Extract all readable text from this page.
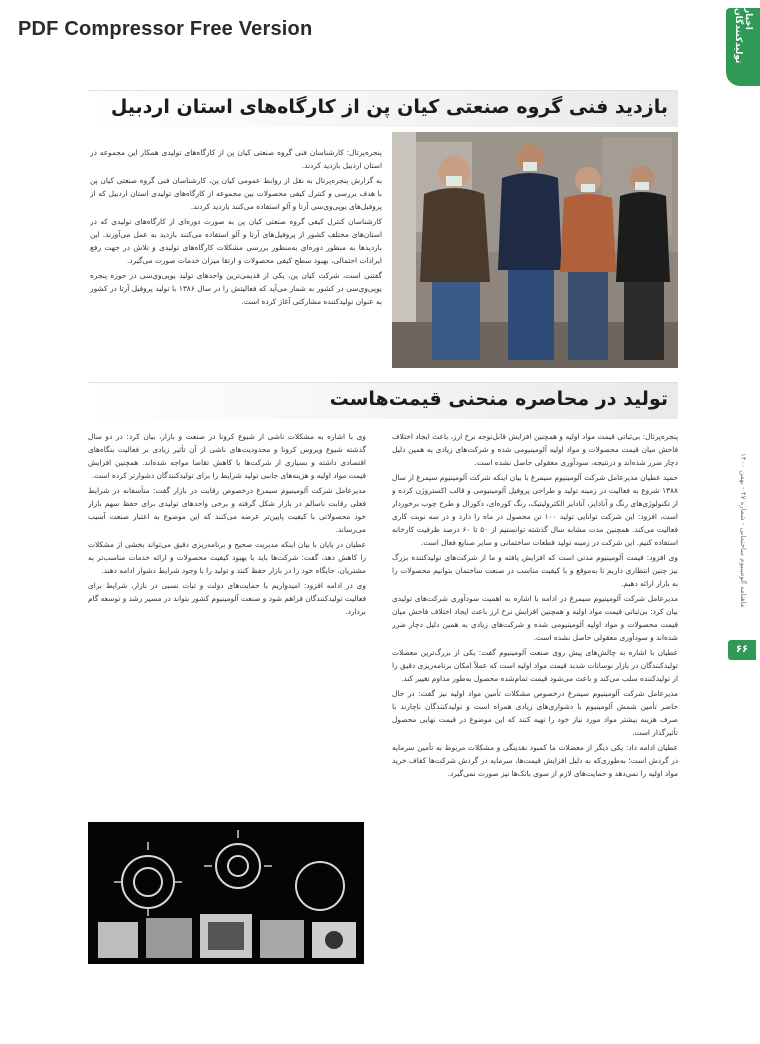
PDF Compressor Free Version	اخبار تولیدکنندگان
ماهنامه آلومینیوم ساختمانی - شماره ۴۷ - بهمن ۱۴۰۰
۶۶
بازدید فنی گروه صنعتی کیان پن از کارگاه‌های استان اردبیل

پنجره‌پرتال: کارشناسان فنی گروه صنعتی کیان پن از کارگاه‌های تولیدی همکار این مجموعه در استان اردبیل بازدید کردند.

به گزارش پنجره‌پرتال به نقل از روابط عمومی کیان پن، کارشناسان فنی گروه صنعتی کیان پن با هدف بررسی و کنترل کیفی محصولات بین مجموعه از کارگاه‌های تولیدی استان اردبیل که از پروفیل‌های یوپی‌وی‌سی آرتا و آلو استفاده می‌کنند بازدید کردند.

کارشناسان کنترل کیفی گروه صنعتی کیان پن به صورت دوره‌ای از کارگاه‌های تولیدی که در استان‌های مختلف کشور از پروفیل‌های آرتا و آلو استفاده می‌کنند بازدید به عمل می‌آورند. این بازدیدها به منظور دوره‌ای به‌منظور بررسی مشکلات کارگاه‌های تولیدی و تلاش در جهت رفع ایرادات احتمالی، بهبود سطح کیفی محصولات و ارتقا میزان خدمات صورت می‌گیرد.

گفتنی است، شرکت کیان پن، یکی از قدیمی‌ترین واحدهای تولید یوپی‌وی‌سی در حوزه پنجره یوپی‌وی‌سی در کشور به شمار می‌آید که فعالیتش را در سال ۱۳۸۶ با تولید پروفیل آرتا در کشور به عنوان تولیدکننده مشارکتی آغاز کرده است.

تولید در محاصره منحنی قیمت‌هاست

پنجره‌پرتال: بی‌ثباتی قیمت مواد اولیه و همچنین افزایش قابل‌توجه نرخ ارز، باعث ایجاد اختلاف فاحش میان قیمت محصولات و مواد اولیه آلومینیومی شده و شرکت‌های زیادی به همین دلیل دچار ضرر شده‌اند و درنتیجه، سودآوری معقولی حاصل نشده است.

حمید عطیان مدیرعامل شرکت آلومینیوم سیمرغ با بیان اینکه شرکت آلومینیوم سیمرغ از سال ۱۳۸۸ شروع به فعالیت در زمینه تولید و طراحی پروفیل آلومینیومی و قالب اکستروژن کرده و از تکنولوژی‌های رنگ و آنادایز، آنادایز الکترولیتیک، رنگ کوره‌ای، دکورال و طرح چوب برخوردار است، افزود: این شرکت توانایی تولید ۱۰۰ تن محصول در ماه را دارد و در سه نوبت کاری فعالیت می‌کند. همچنین مدت مشابه سال گذشته توانستیم از ۵۰ تا ۶۰ درصد ظرفیت کارخانه استفاده کنیم. این شرکت در زمینه تولید قطعات ساختمانی و سایر صنایع فعال است.

وی افزود: قیمت آلومینیوم مدتی است که افزایش یافته و ما از شرکت‌های تولیدکننده بزرگ نیز چنین انتظاری داریم تا به‌موقع و با کیفیت مناسب در صنعت ساختمان بتوانیم محصولات را به بازار ارائه دهیم.

مدیرعامل شرکت آلومینیوم سیمرغ در ادامه با اشاره به اهمیت سودآوری شرکت‌های تولیدی بیان کرد: بی‌ثباتی قیمت مواد اولیه و همچنین افزایش نرخ ارز باعث ایجاد اختلاف فاحش میان قیمت محصولات و مواد اولیه آلومینیومی شده و شرکت‌های زیادی به همین دلیل دچار ضرر شده‌اند و سودآوری معقولی حاصل نشده است.

عطیان با اشاره به چالش‌های پیش روی صنعت آلومینیوم گفت: یکی از بزرگ‌ترین معضلات تولیدکنندگان در بازار نوسانات شدید قیمت مواد اولیه است که عملاً امکان برنامه‌ریزی دقیق را از تولیدکننده سلب می‌کند و باعث می‌شود قیمت تمام‌شده محصول به‌طور مداوم تغییر کند.

مدیرعامل شرکت آلومینیوم سیمرغ درخصوص مشکلات تأمین مواد اولیه نیز گفت: در حال حاضر تأمین شمش آلومینیوم با دشواری‌های زیادی همراه است و تولیدکنندگان ناچارند با صرف هزینه بیشتر مواد مورد نیاز خود را تهیه کنند که این موضوع در قیمت نهایی محصول تأثیرگذار است.

عطیان ادامه داد: یکی دیگر از معضلات ما کمبود نقدینگی و مشکلات مربوط به تأمین سرمایه در گردش است؛ به‌طوری‌که به دلیل افزایش قیمت‌ها، سرمایه در گردش شرکت‌ها کفاف خرید مواد اولیه را نمی‌دهد و حمایت‌های لازم از سوی بانک‌ها نیز صورت نمی‌گیرد.

وی با اشاره به مشکلات ناشی از شیوع کرونا در صنعت و بازار، بیان کرد: در دو سال گذشته شیوع ویروس کرونا و محدودیت‌های ناشی از آن تأثیر زیادی بر فعالیت بنگاه‌های اقتصادی داشته و بسیاری از شرکت‌ها با کاهش تقاضا مواجه شده‌اند. همچنین افزایش قیمت مواد اولیه و هزینه‌های جانبی تولید شرایط را برای تولیدکنندگان دشوارتر کرده است.

مدیرعامل شرکت آلومینیوم سیمرغ درخصوص رقابت در بازار گفت: متأسفانه در شرایط فعلی رقابت ناسالم در بازار شکل گرفته و برخی واحدهای تولیدی برای حفظ سهم بازار خود محصولاتی با کیفیت پایین‌تر عرضه می‌کنند که این موضوع به اعتبار صنعت آسیب می‌رساند.

عطیان در پایان با بیان اینکه مدیریت صحیح و برنامه‌ریزی دقیق می‌تواند بخشی از مشکلات را کاهش دهد، گفت: شرکت‌ها باید با بهبود کیفیت محصولات و ارائه خدمات مناسب‌تر به مشتریان، جایگاه خود را در بازار حفظ کنند و تولید را با وجود شرایط دشوار ادامه دهند.

وی در ادامه افزود: امیدواریم با حمایت‌های دولت و ثبات نسبی در بازار، شرایط برای فعالیت تولیدکنندگان فراهم شود و صنعت آلومینیوم کشور بتواند در مسیر رشد و توسعه گام بردارد.
